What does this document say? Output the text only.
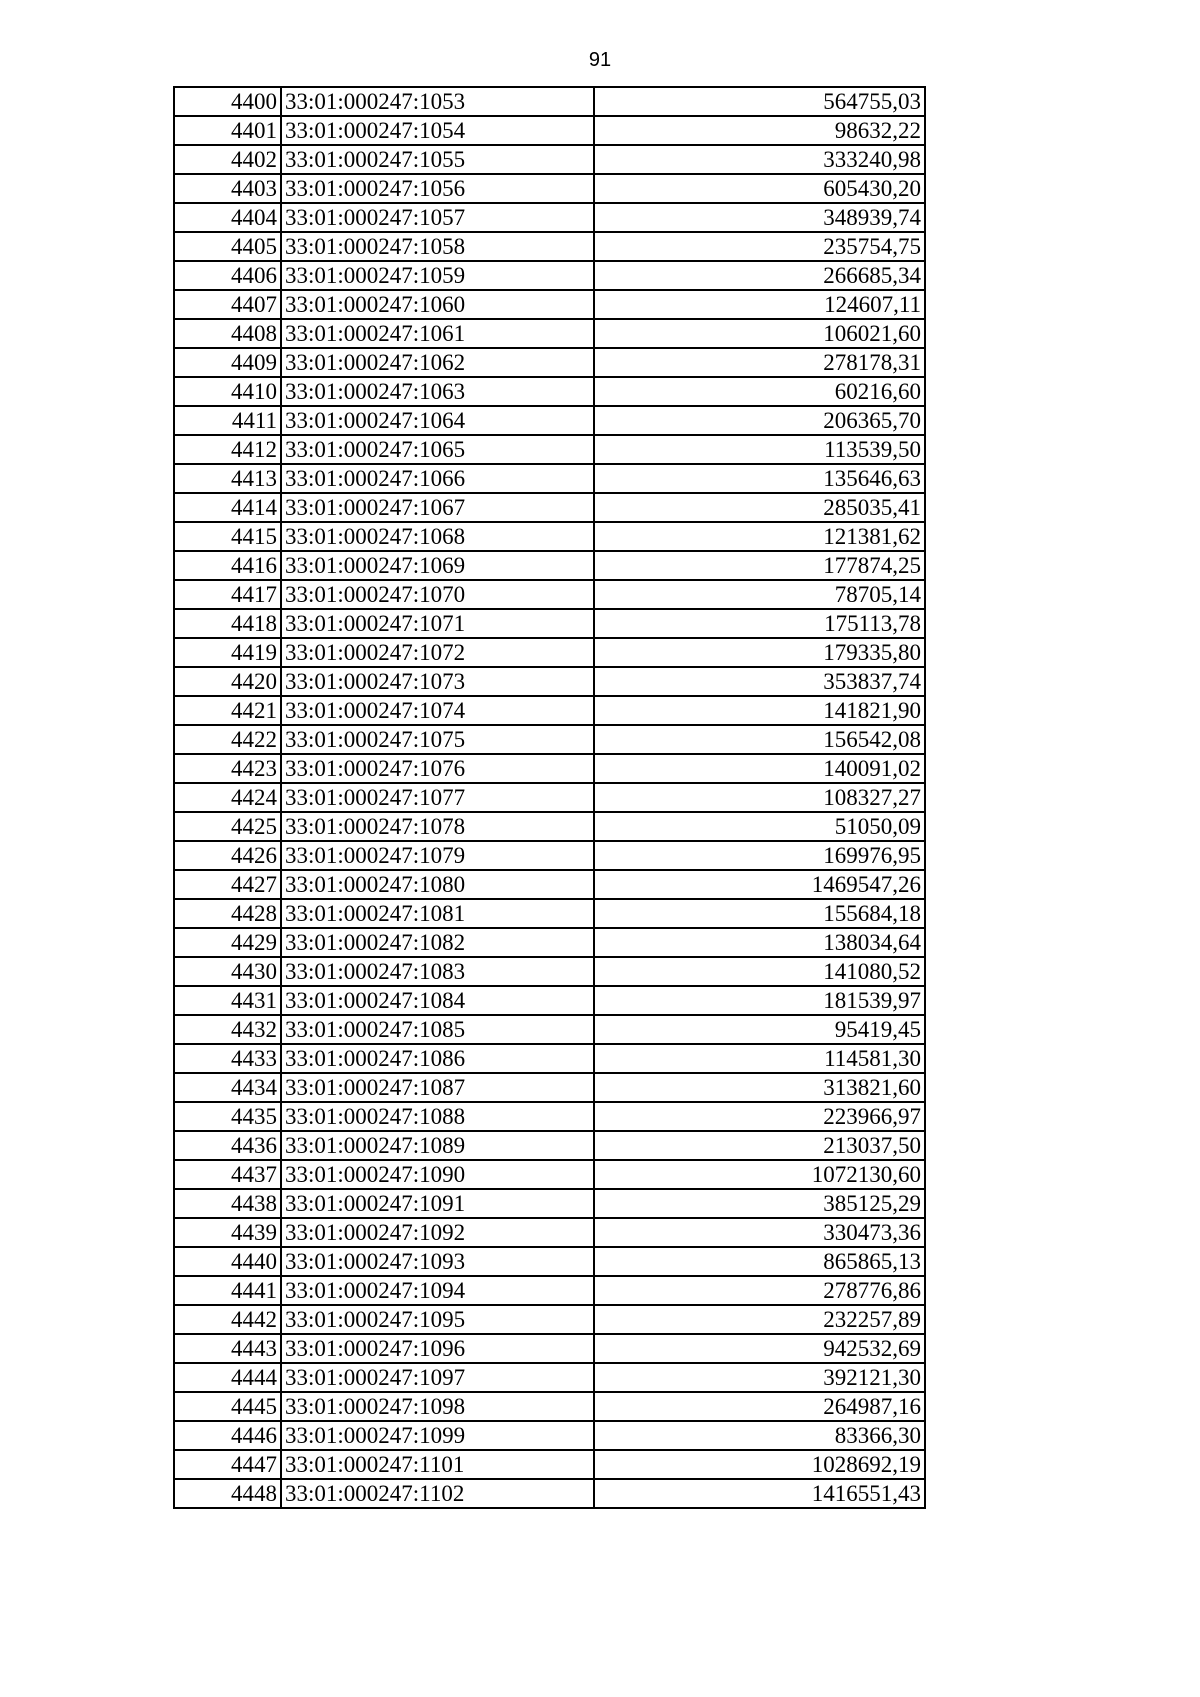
91
4400	33:01:000247:1053	564755,03
4401	33:01:000247:1054	98632,22
4402	33:01:000247:1055	333240,98
4403	33:01:000247:1056	605430,20
4404	33:01:000247:1057	348939,74
4405	33:01:000247:1058	235754,75
4406	33:01:000247:1059	266685,34
4407	33:01:000247:1060	124607,11
4408	33:01:000247:1061	106021,60
4409	33:01:000247:1062	278178,31
4410	33:01:000247:1063	60216,60
4411	33:01:000247:1064	206365,70
4412	33:01:000247:1065	113539,50
4413	33:01:000247:1066	135646,63
4414	33:01:000247:1067	285035,41
4415	33:01:000247:1068	121381,62
4416	33:01:000247:1069	177874,25
4417	33:01:000247:1070	78705,14
4418	33:01:000247:1071	175113,78
4419	33:01:000247:1072	179335,80
4420	33:01:000247:1073	353837,74
4421	33:01:000247:1074	141821,90
4422	33:01:000247:1075	156542,08
4423	33:01:000247:1076	140091,02
4424	33:01:000247:1077	108327,27
4425	33:01:000247:1078	51050,09
4426	33:01:000247:1079	169976,95
4427	33:01:000247:1080	1469547,26
4428	33:01:000247:1081	155684,18
4429	33:01:000247:1082	138034,64
4430	33:01:000247:1083	141080,52
4431	33:01:000247:1084	181539,97
4432	33:01:000247:1085	95419,45
4433	33:01:000247:1086	114581,30
4434	33:01:000247:1087	313821,60
4435	33:01:000247:1088	223966,97
4436	33:01:000247:1089	213037,50
4437	33:01:000247:1090	1072130,60
4438	33:01:000247:1091	385125,29
4439	33:01:000247:1092	330473,36
4440	33:01:000247:1093	865865,13
4441	33:01:000247:1094	278776,86
4442	33:01:000247:1095	232257,89
4443	33:01:000247:1096	942532,69
4444	33:01:000247:1097	392121,30
4445	33:01:000247:1098	264987,16
4446	33:01:000247:1099	83366,30
4447	33:01:000247:1101	1028692,19
4448	33:01:000247:1102	1416551,43
